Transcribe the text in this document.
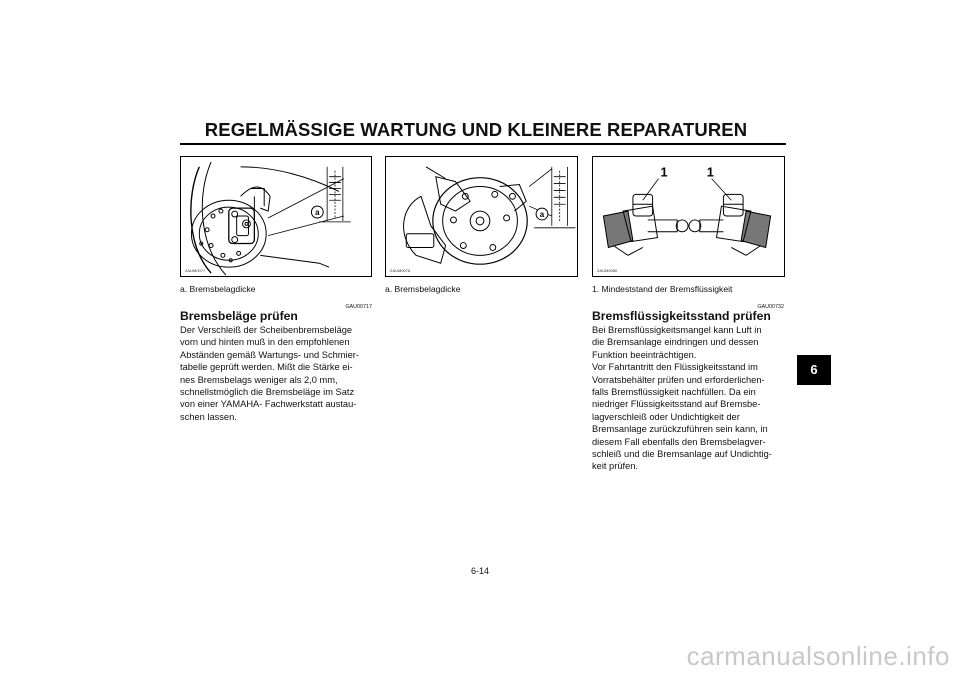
REGELMÄSSIGE WARTUNG UND KLEINERE REPARATUREN
a
ZAUM0077
a
ZAUM0078
1	1
ZAUM0080
a. Bremsbelagdicke	a. Bremsbelagdicke	1. Mindeststand der Bremsflüssigkeit
GAU00717
Bremsbeläge prüfen

Der Verschleiß der Scheibenbremsbeläge

vorn und hinten muß in den empfohlenen

Abständen gemäß Wartungs- und Schmier-

tabelle geprüft werden. Mißt die Stärke ei-

nes Bremsbelags weniger als 2,0 mm,

schnellstmöglich die Bremsbeläge im Satz

von einer YAMAHA- Fachwerkstatt austau-

schen lassen.

GAU00732
Bremsflüssigkeitsstand prüfen

Bei Bremsflüssigkeitsmangel kann Luft in

die Bremsanlage eindringen und dessen

Funktion beeinträchtigen.

Vor Fahrtantritt den Flüssigkeitsstand im

Vorratsbehälter prüfen und erforderlichen-

falls Bremsflüssigkeit nachfüllen. Da ein

niedriger Flüssigkeitsstand auf Bremsbe-

lagverschleiß oder Undichtigkeit der

Bremsanlage zurückzuführen sein kann, in

diesem Fall ebenfalls den Bremsbelagver-

schleiß und die Bremsanlage auf Undichtig-

keit prüfen.

6
6-14
carmanualsonline.info
